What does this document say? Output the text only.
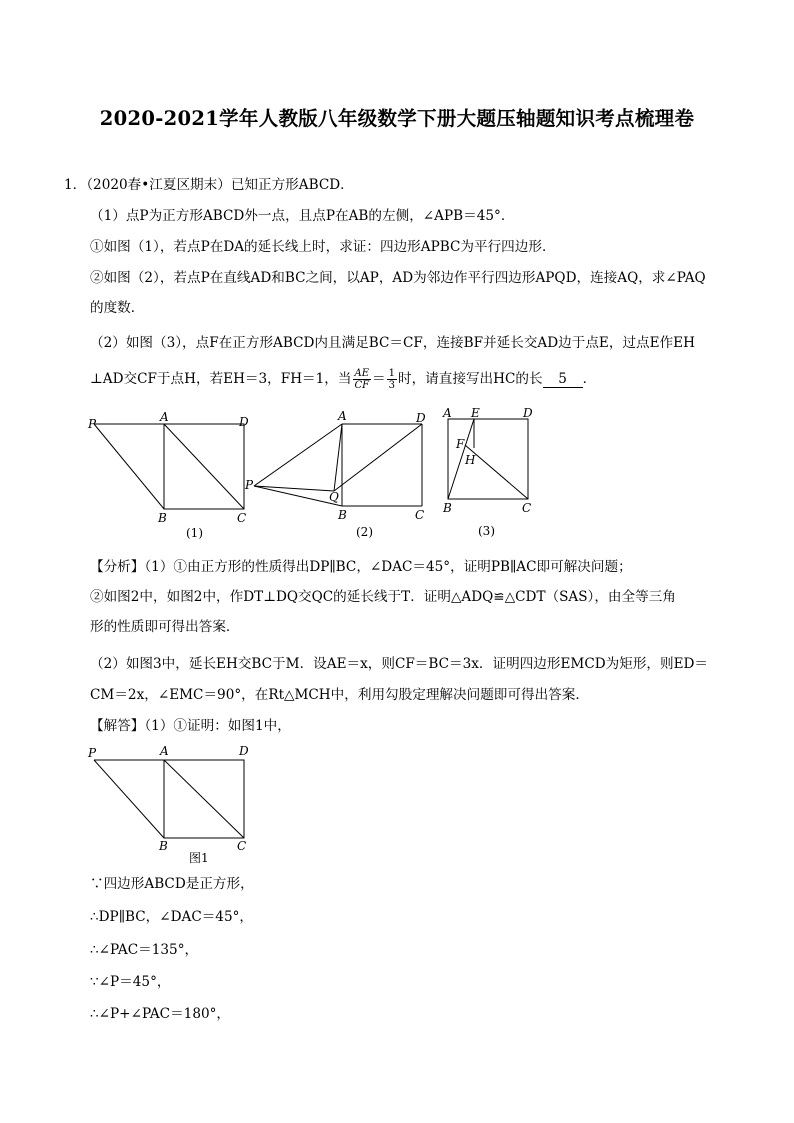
2020-2021学年人教版八年级数学下册大题压轴题知识考点梳理卷
1．（2020春•江夏区期末）已知正方形ABCD．
（1）点P为正方形ABCD外一点，且点P在AB的左侧，∠APB＝45°．
①如图（1），若点P在DA的延长线上时，求证：四边形APBC为平行四边形．
②如图（2），若点P在直线AD和BC之间，以AP，AD为邻边作平行四边形APQD，连接AQ，求∠PAQ
的度数．
（2）如图（3），点F在正方形ABCD内且满足BC＝CF，连接BF并延长交AD边于点E，过点E作EH
⊥AD交CF于点H，若EH＝3，FH＝1，当 $\frac{AE}{CF} = \frac{1}{3}$ 时，请直接写出HC的长 5 ．
P	A	D
B	C
(1)
A	D
P
Q
B	C
(2)
A E	D
F
H
B	C
(3)
【分析】（1）①由正方形的性质得出DP∥BC，∠DAC＝45°，证明PB∥AC即可解决问题；
②如图2中，如图2中，作DT⊥DQ交QC的延长线于T．证明△ADQ≌△CDT（SAS），由全等三角
形的性质即可得出答案．
（2）如图3中，延长EH交BC于M．设AE＝x，则CF＝BC＝3x．证明四边形EMCD为矩形，则ED＝
CM＝2x，∠EMC＝90°，在Rt△MCH中，利用勾股定理解决问题即可得出答案．
【解答】（1）①证明：如图1中，
P	A	D
B	C
图1
∵四边形ABCD是正方形，
∴DP∥BC，∠DAC＝45°，
∴∠PAC＝135°，
∵∠P＝45°，
∴∠P+∠PAC＝180°，
